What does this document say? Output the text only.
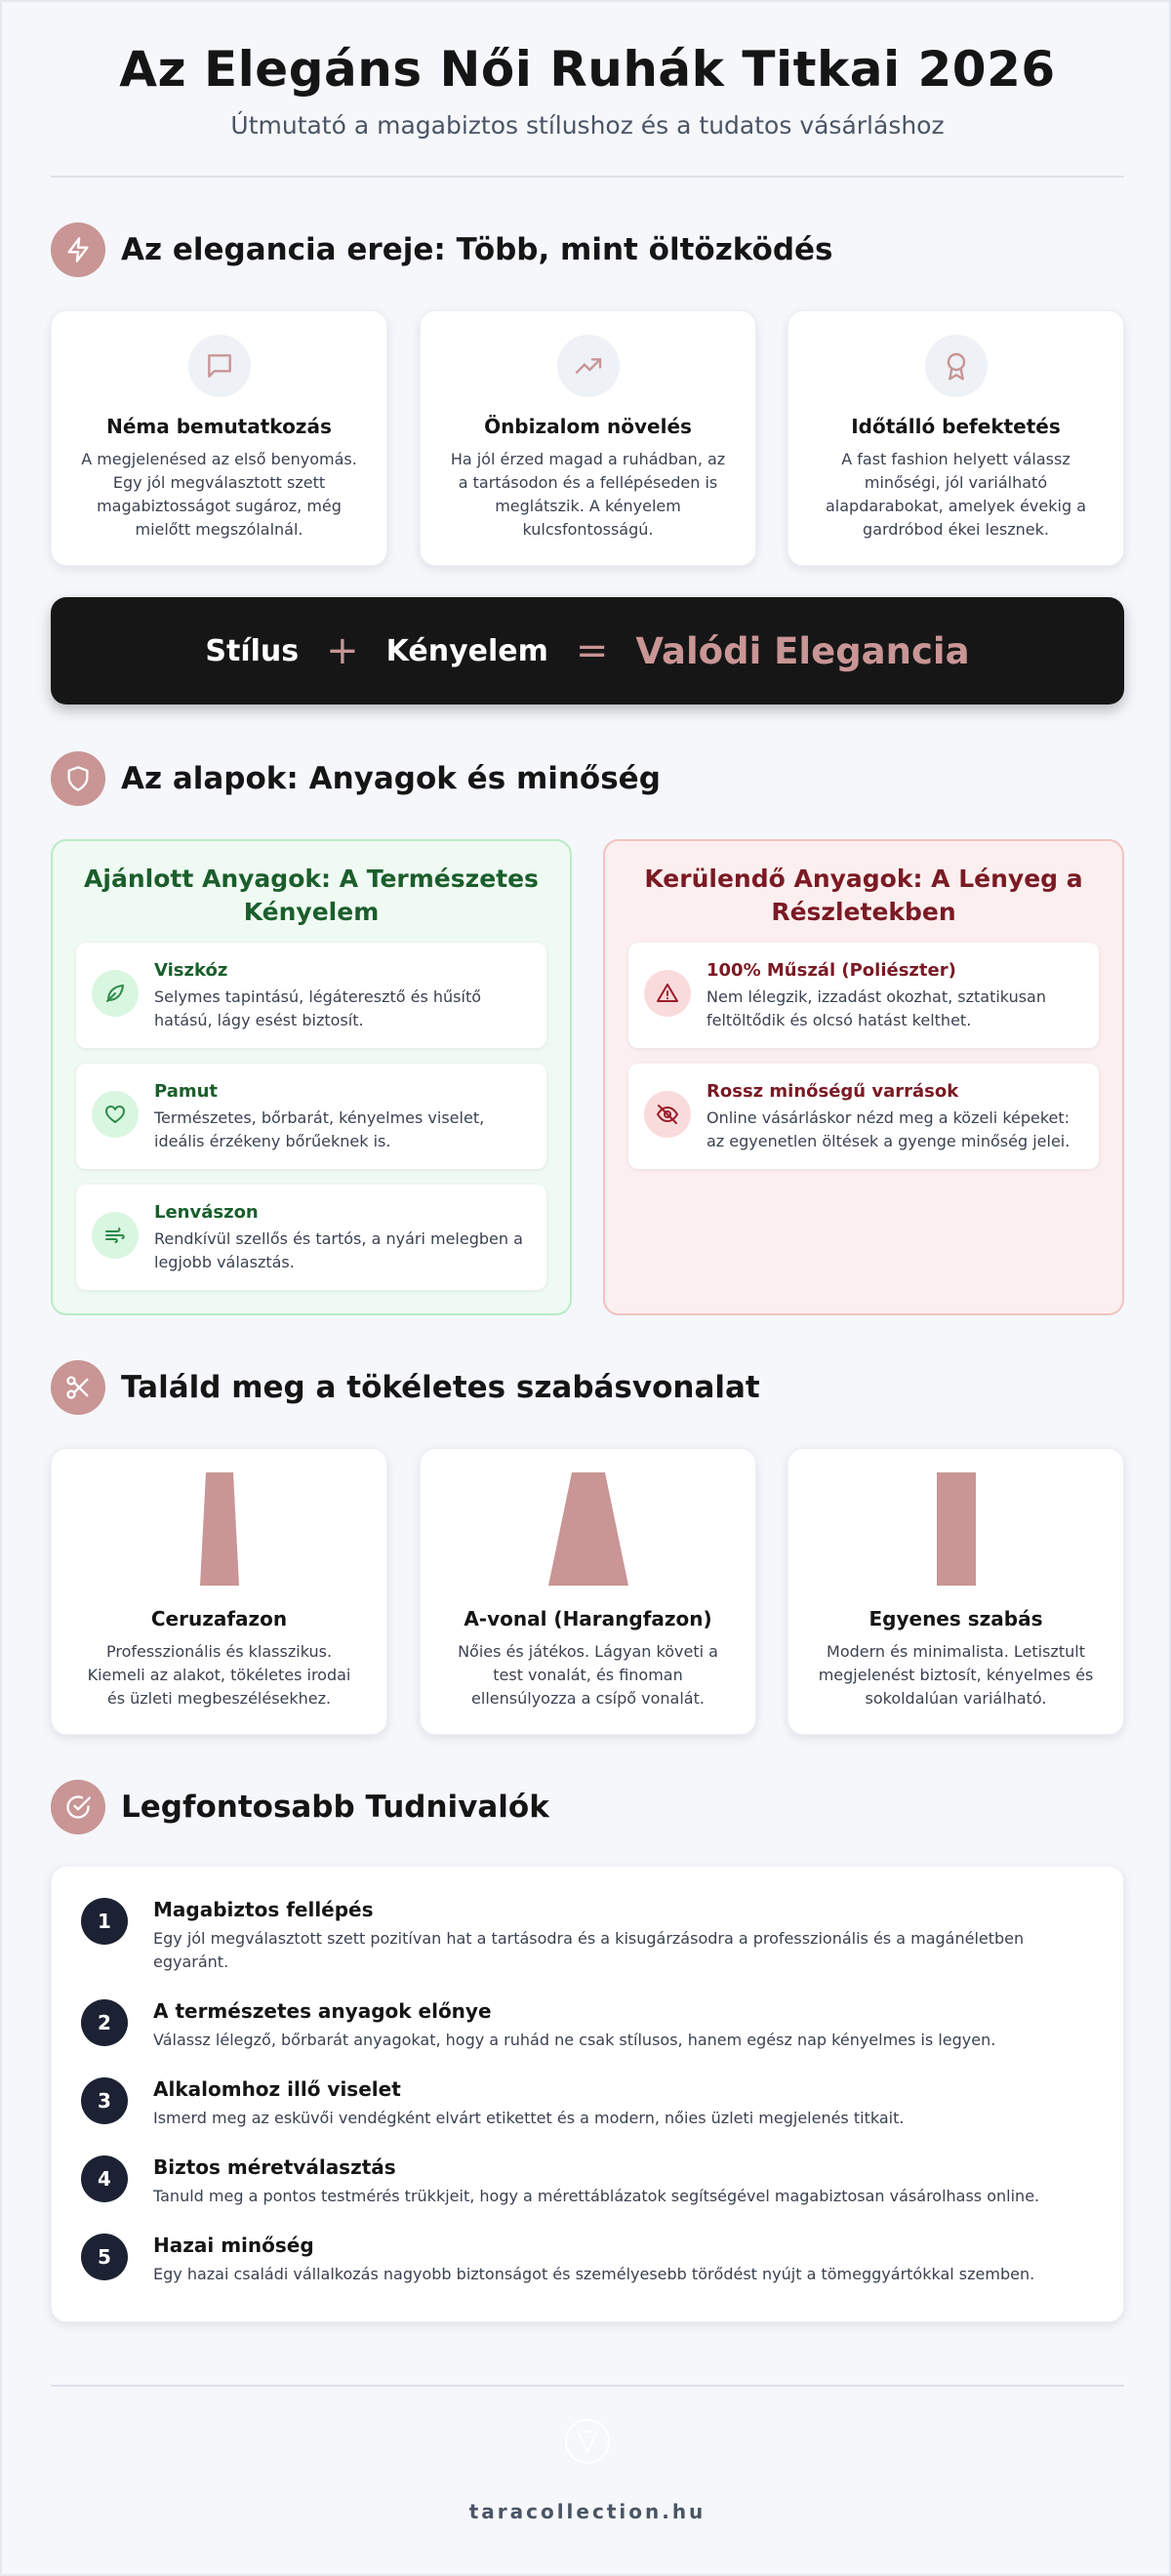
Az Elegáns Női Ruhák Titkai 2026
Útmutató a magabiztos stílushoz és a tudatos vásárláshoz
Az elegancia ereje: Több, mint öltözködés
Néma bemutatkozás
A megjelenésed az első benyomás. Egy jól megválasztott szett magabiztosságot sugároz, még mielőtt megszólalnál.
Önbizalom növelés
Ha jól érzed magad a ruhádban, az a tartásodon és a fellépéseden is meglátszik. A kényelem kulcsfontosságú.
Időtálló befektetés
A fast fashion helyett válassz minőségi, jól variálható alapdarabokat, amelyek évekig a gardróbod ékei lesznek.
Stílus + Kényelem = Valódi Elegancia
Az alapok: Anyagok és minőség
Ajánlott Anyagok: A Természetes Kényelem
Viszkóz
Selymes tapintású, légáteresztő és hűsítő hatású, lágy esést biztosít.
Pamut
Természetes, bőrbarát, kényelmes viselet, ideális érzékeny bőrűeknek is.
Lenvászon
Rendkívül szellős és tartós, a nyári melegben a legjobb választás.
Kerülendő Anyagok: A Lényeg a Részletekben
100% Műszál (Poliészter)
Nem lélegzik, izzadást okozhat, sztatikusan feltöltődik és olcsó hatást kelthet.
Rossz minőségű varrások
Online vásárláskor nézd meg a közeli képeket: az egyenetlen öltések a gyenge minőség jelei.
Találd meg a tökéletes szabásvonalat
Ceruzafazon
Professzionális és klasszikus. Kiemeli az alakot, tökéletes irodai és üzleti megbeszélésekhez.
A-vonal (Harangfazon)
Nőies és játékos. Lágyan követi a test vonalát, és finoman ellensúlyozza a csípő vonalát.
Egyenes szabás
Modern és minimalista. Letisztult megjelenést biztosít, kényelmes és sokoldalúan variálható.
Legfontosabb Tudnivalók
1	Magabiztos fellépés
Egy jól megválasztott szett pozitívan hat a tartásodra és a kisugárzásodra a professzionális és a magánéletben egyaránt.
2	A természetes anyagok előnye
Válassz lélegző, bőrbarát anyagokat, hogy a ruhád ne csak stílusos, hanem egész nap kényelmes is legyen.
3	Alkalomhoz illő viselet
Ismerd meg az esküvői vendégként elvárt etikettet és a modern, nőies üzleti megjelenés titkait.
4	Biztos méretválasztás
Tanuld meg a pontos testmérés trükkjeit, hogy a mérettáblázatok segítségével magabiztosan vásárolhass online.
5	Hazai minőség
Egy hazai családi vállalkozás nagyobb biztonságot és személyesebb törődést nyújt a tömeggyártókkal szemben.
taracollection.hu
